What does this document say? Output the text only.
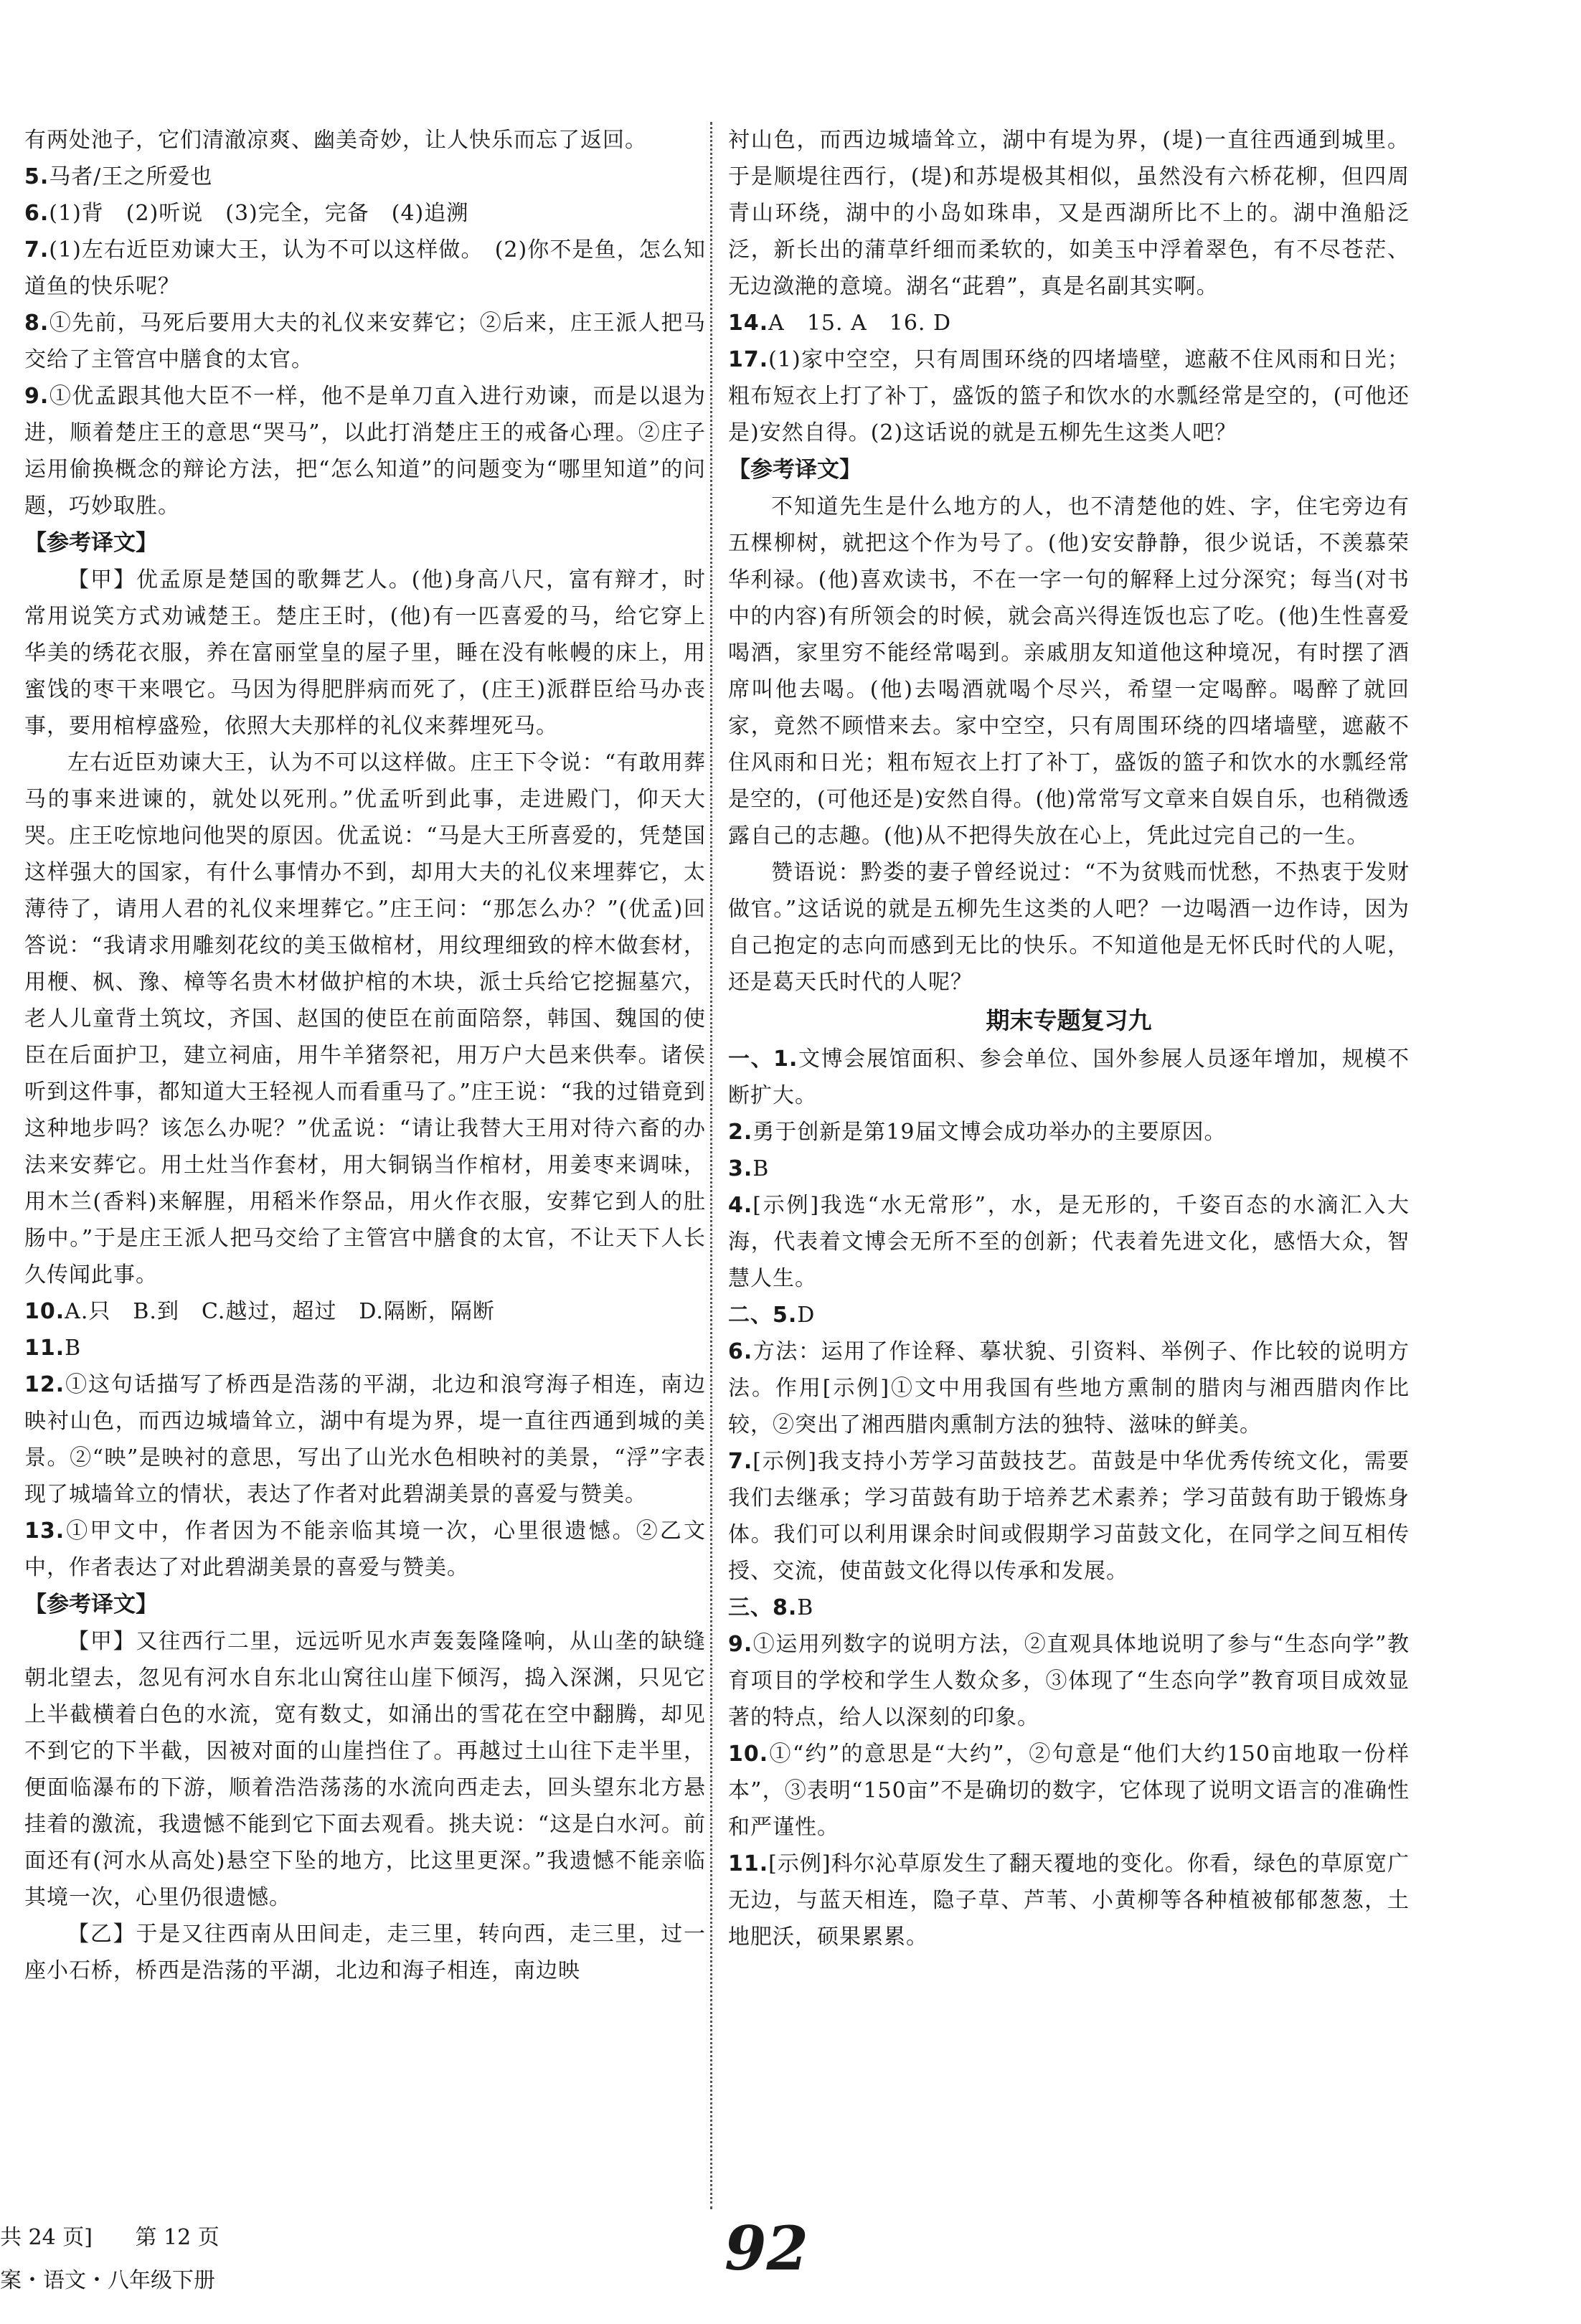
有两处池子，它们清澈凉爽、幽美奇妙，让人快乐而忘了返回。

5.马者/王之所爱也

6.(1)背　(2)听说　(3)完全，完备　(4)追溯

7.(1)左右近臣劝谏大王，认为不可以这样做。　(2)你不是鱼，怎么知道鱼的快乐呢？

8.①先前，马死后要用大夫的礼仪来安葬它；②后来，庄王派人把马交给了主管宫中膳食的太官。

9.①优孟跟其他大臣不一样，他不是单刀直入进行劝谏，而是以退为进，顺着楚庄王的意思“哭马”，以此打消楚庄王的戒备心理。②庄子运用偷换概念的辩论方法，把“怎么知道”的问题变为“哪里知道”的问题，巧妙取胜。

【参考译文】

【甲】优孟原是楚国的歌舞艺人。(他)身高八尺，富有辩才，时常用说笑方式劝诫楚王。楚庄王时，(他)有一匹喜爱的马，给它穿上华美的绣花衣服，养在富丽堂皇的屋子里，睡在没有帐幔的床上，用蜜饯的枣干来喂它。马因为得肥胖病而死了，(庄王)派群臣给马办丧事，要用棺椁盛殓，依照大夫那样的礼仪来葬埋死马。

左右近臣劝谏大王，认为不可以这样做。庄王下令说：“有敢用葬马的事来进谏的，就处以死刑。”优孟听到此事，走进殿门，仰天大哭。庄王吃惊地问他哭的原因。优孟说：“马是大王所喜爱的，凭楚国这样强大的国家，有什么事情办不到，却用大夫的礼仪来埋葬它，太薄待了，请用人君的礼仪来埋葬它。”庄王问：“那怎么办？”(优孟)回答说：“我请求用雕刻花纹的美玉做棺材，用纹理细致的梓木做套材，用楩、枫、豫、樟等名贵木材做护棺的木块，派士兵给它挖掘墓穴，老人儿童背土筑坟，齐国、赵国的使臣在前面陪祭，韩国、魏国的使臣在后面护卫，建立祠庙，用牛羊猪祭祀，用万户大邑来供奉。诸侯听到这件事，都知道大王轻视人而看重马了。”庄王说：“我的过错竟到这种地步吗？该怎么办呢？”优孟说：“请让我替大王用对待六畜的办法来安葬它。用土灶当作套材，用大铜锅当作棺材，用姜枣来调味，用木兰(香料)来解腥，用稻米作祭品，用火作衣服，安葬它到人的肚肠中。”于是庄王派人把马交给了主管宫中膳食的太官，不让天下人长久传闻此事。

10.A.只　B.到　C.越过，超过　D.隔断，隔断

11.B

12.①这句话描写了桥西是浩荡的平湖，北边和浪穹海子相连，南边映衬山色，而西边城墙耸立，湖中有堤为界，堤一直往西通到城的美景。②“映”是映衬的意思，写出了山光水色相映衬的美景，“浮”字表现了城墙耸立的情状，表达了作者对此碧湖美景的喜爱与赞美。

13.①甲文中，作者因为不能亲临其境一次，心里很遗憾。②乙文中，作者表达了对此碧湖美景的喜爱与赞美。

【参考译文】

【甲】又往西行二里，远远听见水声轰轰隆隆响，从山垄的缺缝朝北望去，忽见有河水自东北山窝往山崖下倾泻，捣入深渊，只见它上半截横着白色的水流，宽有数丈，如涌出的雪花在空中翻腾，却见不到它的下半截，因被对面的山崖挡住了。再越过土山往下走半里，便面临瀑布的下游，顺着浩浩荡荡的水流向西走去，回头望东北方悬挂着的激流，我遗憾不能到它下面去观看。挑夫说：“这是白水河。前面还有(河水从高处)悬空下坠的地方，比这里更深。”我遗憾不能亲临其境一次，心里仍很遗憾。

【乙】于是又往西南从田间走，走三里，转向西，走三里，过一座小石桥，桥西是浩荡的平湖，北边和海子相连，南边映

衬山色，而西边城墙耸立，湖中有堤为界，(堤)一直往西通到城里。于是顺堤往西行，(堤)和苏堤极其相似，虽然没有六桥花柳，但四周青山环绕，湖中的小岛如珠串，又是西湖所比不上的。湖中渔船泛泛，新长出的蒲草纤细而柔软的，如美玉中浮着翠色，有不尽苍茫、无边潋滟的意境。湖名“茈碧”，真是名副其实啊。

14.A　15. A　16. D

17.(1)家中空空，只有周围环绕的四堵墙壁，遮蔽不住风雨和日光；粗布短衣上打了补丁，盛饭的篮子和饮水的水瓢经常是空的，(可他还是)安然自得。(2)这话说的就是五柳先生这类人吧？

【参考译文】

不知道先生是什么地方的人，也不清楚他的姓、字，住宅旁边有五棵柳树，就把这个作为号了。(他)安安静静，很少说话，不羡慕荣华利禄。(他)喜欢读书，不在一字一句的解释上过分深究；每当(对书中的内容)有所领会的时候，就会高兴得连饭也忘了吃。(他)生性喜爱喝酒，家里穷不能经常喝到。亲戚朋友知道他这种境况，有时摆了酒席叫他去喝。(他)去喝酒就喝个尽兴，希望一定喝醉。喝醉了就回家，竟然不顾惜来去。家中空空，只有周围环绕的四堵墙壁，遮蔽不住风雨和日光；粗布短衣上打了补丁，盛饭的篮子和饮水的水瓢经常是空的，(可他还是)安然自得。(他)常常写文章来自娱自乐，也稍微透露自己的志趣。(他)从不把得失放在心上，凭此过完自己的一生。

赞语说：黔娄的妻子曾经说过：“不为贫贱而忧愁，不热衷于发财做官。”这话说的就是五柳先生这类的人吧？一边喝酒一边作诗，因为自己抱定的志向而感到无比的快乐。不知道他是无怀氏时代的人呢，还是葛天氏时代的人呢？

期末专题复习九

一、1.文博会展馆面积、参会单位、国外参展人员逐年增加，规模不断扩大。

2.勇于创新是第19届文博会成功举办的主要原因。

3.B

4.[示例]我选“水无常形”，水，是无形的，千姿百态的水滴汇入大海，代表着文博会无所不至的创新；代表着先进文化，感悟大众，智慧人生。

二、5.D

6.方法：运用了作诠释、摹状貌、引资料、举例子、作比较的说明方法。作用[示例]①文中用我国有些地方熏制的腊肉与湘西腊肉作比较，②突出了湘西腊肉熏制方法的独特、滋味的鲜美。

7.[示例]我支持小芳学习苗鼓技艺。苗鼓是中华优秀传统文化，需要我们去继承；学习苗鼓有助于培养艺术素养；学习苗鼓有助于锻炼身体。我们可以利用课余时间或假期学习苗鼓文化，在同学之间互相传授、交流，使苗鼓文化得以传承和发展。

三、8.B

9.①运用列数字的说明方法，②直观具体地说明了参与“生态向学”教育项目的学校和学生人数众多，③体现了“生态向学”教育项目成效显著的特点，给人以深刻的印象。

10.①“约”的意思是“大约”，②句意是“他们大约150亩地取一份样本”，③表明“150亩”不是确切的数字，它体现了说明文语言的准确性和严谨性。

11.[示例]科尔沁草原发生了翻天覆地的变化。你看，绿色的草原宽广无边，与蓝天相连，隐子草、芦苇、小黄柳等各种植被郁郁葱葱，土地肥沃，硕果累累。

共 24 页] 第 12 页
案・语文・八年级下册	92
